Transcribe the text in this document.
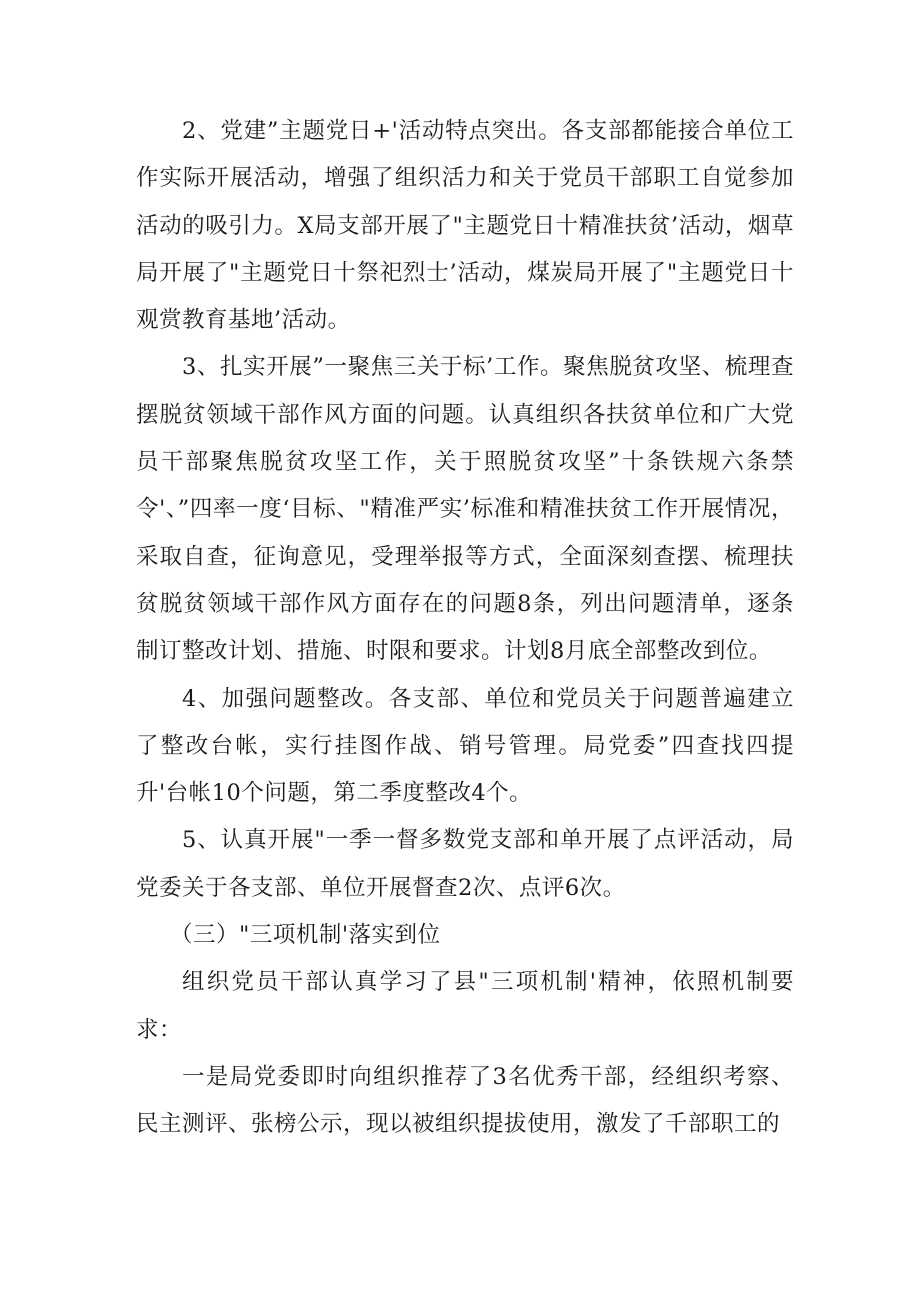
2、党建”主题党日+'活动特点突出。各支部都能接合单位工作实际开展活动，增强了组织活力和关于党员干部职工自觉参加活动的吸引力。X局支部开展了"主题党日十精准扶贫’活动，烟草局开展了"主题党日十祭祀烈士’活动，煤炭局开展了"主题党日十观赏教育基地’活动。

3、扎实开展”一聚焦三关于标’工作。聚焦脱贫攻坚、梳理查摆脱贫领域干部作风方面的问题。认真组织各扶贫单位和广大党员干部聚焦脱贫攻坚工作，关于照脱贫攻坚”十条铁规六条禁令'、”四率一度‘目标、"精准严实’标准和精准扶贫工作开展情况，采取自查，征询意见，受理举报等方式，全面深刻查摆、梳理扶贫脱贫领域干部作风方面存在的问题8条，列出问题清单，逐条制订整改计划、措施、时限和要求。计划8月底全部整改到位。

4、加强问题整改。各支部、单位和党员关于问题普遍建立了整改台帐，实行挂图作战、销号管理。局党委”四查找四提升'台帐10个问题，第二季度整改4个。

5、认真开展"一季一督多数党支部和单开展了点评活动，局党委关于各支部、单位开展督查2次、点评6次。

（三）"三项机制'落实到位

组织党员干部认真学习了县"三项机制'精神，依照机制要求：

一是局党委即时向组织推荐了3名优秀干部，经组织考察、民主测评、张榜公示，现以被组织提拔使用，激发了千部职工的
